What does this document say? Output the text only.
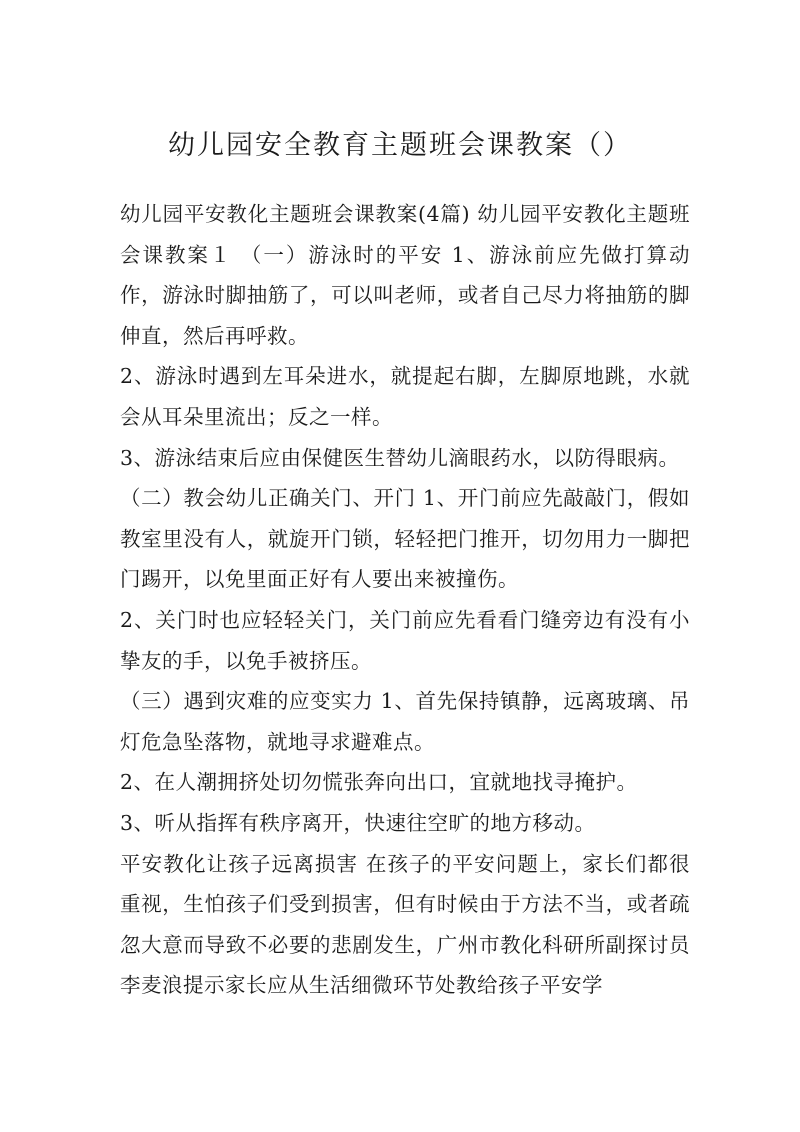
幼儿园安全教育主题班会课教案（）

幼儿园平安教化主题班会课教案(4篇) 幼儿园平安教化主题班会课教案１ （一）游泳时的平安 1、游泳前应先做打算动作，游泳时脚抽筋了，可以叫老师，或者自己尽力将抽筋的脚伸直，然后再呼救。

2、游泳时遇到左耳朵进水，就提起右脚，左脚原地跳，水就会从耳朵里流出；反之一样。

3、游泳结束后应由保健医生替幼儿滴眼药水，以防得眼病。

（二）教会幼儿正确关门、开门 1、开门前应先敲敲门，假如教室里没有人，就旋开门锁，轻轻把门推开，切勿用力一脚把门踢开，以免里面正好有人要出来被撞伤。

2、关门时也应轻轻关门，关门前应先看看门缝旁边有没有小挚友的手，以免手被挤压。

（三）遇到灾难的应变实力 1、首先保持镇静，远离玻璃、吊灯危急坠落物，就地寻求避难点。

2、在人潮拥挤处切勿慌张奔向出口，宜就地找寻掩护。

3、听从指挥有秩序离开，快速往空旷的地方移动。

平安教化让孩子远离损害 在孩子的平安问题上，家长们都很重视，生怕孩子们受到损害，但有时候由于方法不当，或者疏忽大意而导致不必要的悲剧发生，广州市教化科研所副探讨员李麦浪提示家长应从生活细微环节处教给孩子平安学
